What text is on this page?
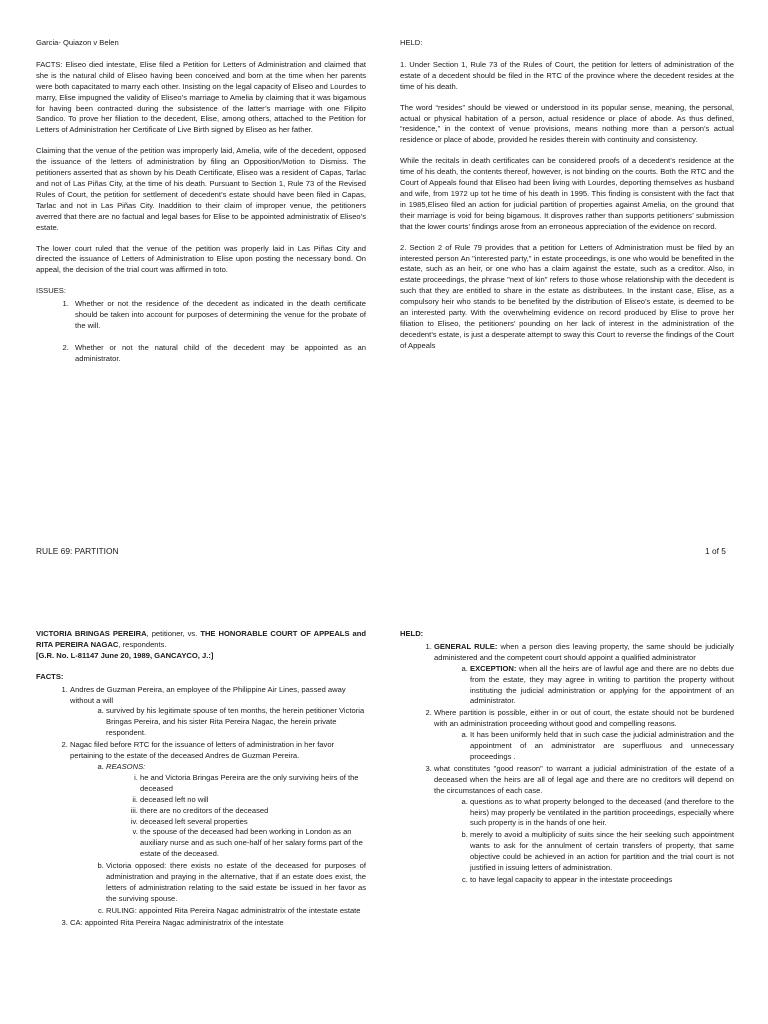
Garcia- Quiazon v Belen

FACTS: Eliseo died intestate, Elise filed a Petition for Letters of Administration and claimed that she is the natural child of Eliseo having been conceived and born at the time when her parents were both capacitated to marry each other. Insisting on the legal capacity of Eliseo and Lourdes to marry, Elise impugned the validity of Eliseo’s marriage to Amelia by claiming that it was bigamous for having been contracted during the subsistence of the latter’s marriage with one Filipito Sandico. To prove her filiation to the decedent, Elise, among others, attached to the Petition for Letters of Administration her Certificate of Live Birth signed by Eliseo as her father.

Claiming that the venue of the petition was improperly laid, Amelia, wife of the decedent, opposed the issuance of the letters of administration by filing an Opposition/Motion to Dismiss. The petitioners asserted that as shown by his Death Certificate, Eliseo was a resident of Capas, Tarlac and not of Las Piñas City, at the time of his death. Pursuant to Section 1, Rule 73 of the Revised Rules of Court, the petition for settlement of decedent’s estate should have been filed in Capas, Tarlac and not in Las Piñas City. Inaddition to their claim of improper venue, the petitioners averred that there are no factual and legal bases for Elise to be appointed administratix of Eliseo’s estate.

The lower court ruled that the venue of the petition was properly laid in Las Piñas City and directed the issuance of Letters of Administration to Elise upon posting the necessary bond. On appeal, the decision of the trial court was affirmed in toto.

ISSUES:
1. Whether or not the residence of the decedent as indicated in the death certificate should be taken into account for purposes of determining the venue for the probate of the will.
2. Whether or not the natural child of the decedent may be appointed as an administrator.
HELD:

1. Under Section 1, Rule 73 of the Rules of Court, the petition for letters of administration of the estate of a decedent should be filed in the RTC of the province where the decedent resides at the time of his death.

The word “resides” should be viewed or understood in its popular sense, meaning, the personal, actual or physical habitation of a person, actual residence or place of abode. As thus defined, “residence,” in the context of venue provisions, means nothing more than a person’s actual residence or place of abode, provided he resides therein with continuity and consistency.

While the recitals in death certificates can be considered proofs of a decedent’s residence at the time of his death, the contents thereof, however, is not binding on the courts. Both the RTC and the Court of Appeals found that Eliseo had been living with Lourdes, deporting themselves as husband and wife, from 1972 up tot he time of his death in 1995. This finding is consistent with the fact that in 1985,Eliseo filed an action for judicial partition of properties against Amelia, on the ground that their marriage is void for being bigamous. It disproves rather than supports petitioners’ submission that the lower courts’ findings arose from an erroneous appreciation of the evidence on record.

2. Section 2 of Rule 79 provides that a petition for Letters of Administration must be filed by an interested person An "interested party," in estate proceedings, is one who would be benefited in the estate, such as an heir, or one who has a claim against the estate, such as a creditor. Also, in estate proceedings, the phrase "next of kin" refers to those whose relationship with the decedent is such that they are entitled to share in the estate as distributees. In the instant case, Elise, as a compulsory heir who stands to be benefited by the distribution of Eliseo’s estate, is deemed to be an interested party. With the overwhelming evidence on record produced by Elise to prove her filiation to Eliseo, the petitioners’ pounding on her lack of interest in the administration of the decedent’s estate, is just a desperate attempt to sway this Court to reverse the findings of the Court of Appeals

RULE 69: PARTITION	1 of 5
VICTORIA BRINGAS PEREIRA, petitioner, vs. THE HONORABLE COURT OF APPEALS and RITA PEREIRA NAGAC, respondents.
[G.R. No. L-81147 June 20, 1989, GANCAYCO, J.:]
FACTS:
1. Andres de Guzman Pereira, an employee of the Philippine Air Lines, passed away without a will
a. survived by his legitimate spouse of ten months, the herein petitioner Victoria Bringas Pereira, and his sister Rita Pereira Nagac, the herein private respondent.
2. Nagac filed before RTC for the issuance of letters of administration in her favor pertaining to the estate of the deceased Andres de Guzman Pereira.
a. REASONS:
i. he and Victoria Bringas Pereira are the only surviving heirs of the deceased
ii. deceased left no will
iii. there are no creditors of the deceased
iv. deceased left several properties
v. the spouse of the deceased had been working in London as an auxiliary nurse and as such one-half of her salary forms part of the estate of the deceased.
b. Victoria opposed: there exists no estate of the deceased for purposes of administration and praying in the alternative, that if an estate does exist, the letters of administration relating to the said estate be issued in her favor as the surviving spouse.
c. RULING: appointed Rita Pereira Nagac administratrix of the intestate estate
3. CA: appointed Rita Pereira Nagac administratrix of the intestate
HELD:
1. GENERAL RULE: when a person dies leaving property, the same should be judicially administered and the competent court should appoint a qualified administrator
a. EXCEPTION: when all the heirs are of lawful age and there are no debts due from the estate, they may agree in writing to partition the property without instituting the judicial administration or applying for the appointment of an administrator.
2. Where partition is possible, either in or out of court, the estate should not be burdened with an administration proceeding without good and compelling reasons.
a. It has been uniformly held that in such case the judicial administration and the appointment of an administrator are superfluous and unnecessary proceedings .
3. what constitutes "good reason" to warrant a judicial administration of the estate of a deceased when the heirs are all of legal age and there are no creditors will depend on the circumstances of each case.
a. questions as to what property belonged to the deceased (and therefore to the heirs) may properly be ventilated in the partition proceedings, especially where such property is in the hands of one heir.
b. merely to avoid a multiplicity of suits since the heir seeking such appointment wants to ask for the annulment of certain transfers of property, that same objective could be achieved in an action for partition and the trial court is not justified in issuing letters of administration.
c. to have legal capacity to appear in the intestate proceedings
